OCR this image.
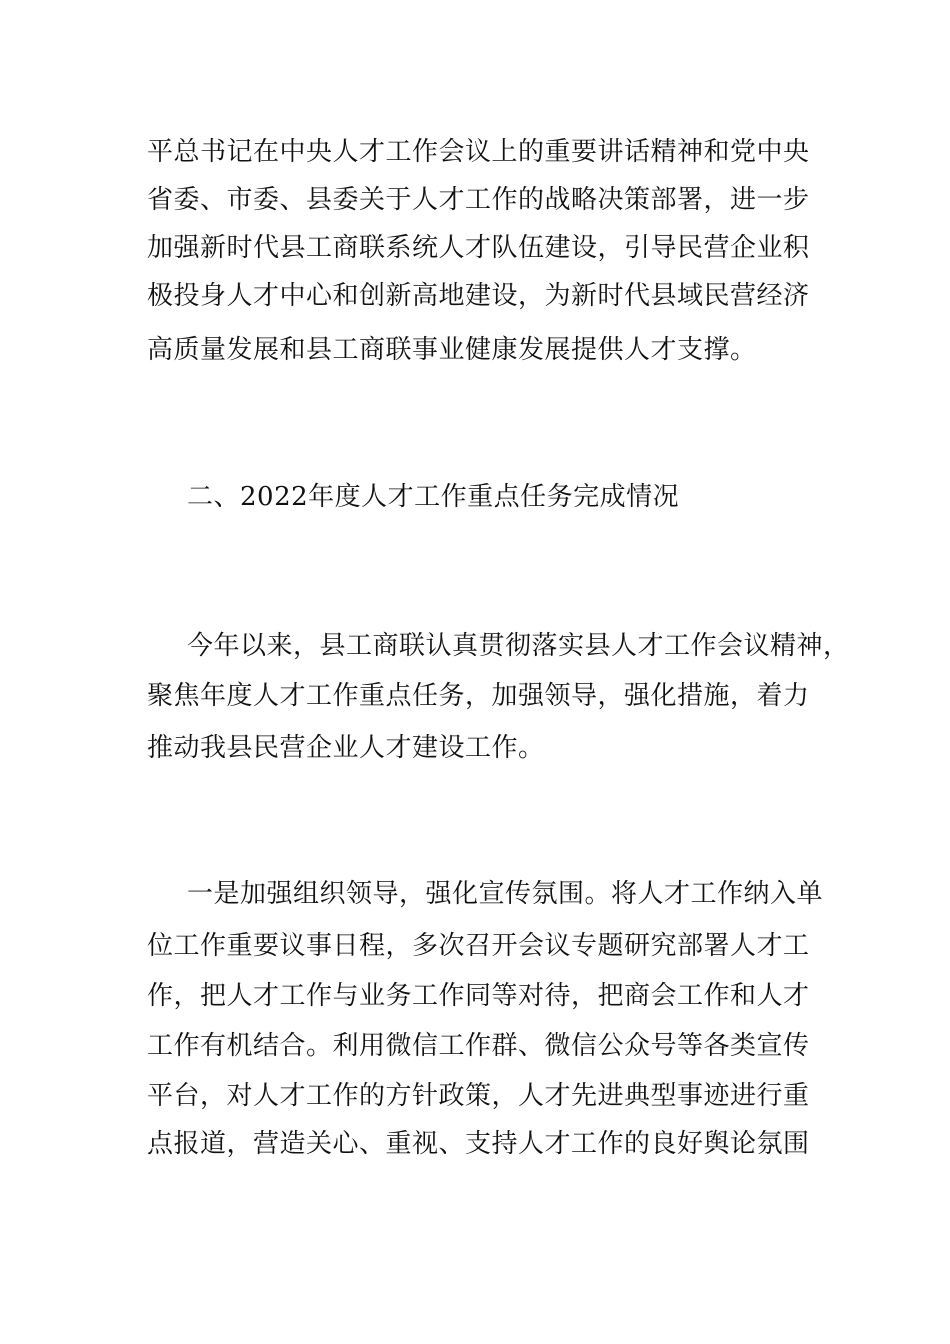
平总书记在中央人才工作会议上的重要讲话精神和党中央
省委、市委、县委关于人才工作的战略决策部署，进一步
加强新时代县工商联系统人才队伍建设，引导民营企业积
极投身人才中心和创新高地建设，为新时代县域民营经济
高质量发展和县工商联事业健康发展提供人才支撑。
二、2022年度人才工作重点任务完成情况
今年以来，县工商联认真贯彻落实县人才工作会议精神，
聚焦年度人才工作重点任务，加强领导，强化措施，着力
推动我县民营企业人才建设工作。
一是加强组织领导，强化宣传氛围。将人才工作纳入单
位工作重要议事日程，多次召开会议专题研究部署人才工
作，把人才工作与业务工作同等对待，把商会工作和人才
工作有机结合。利用微信工作群、微信公众号等各类宣传
平台，对人才工作的方针政策，人才先进典型事迹进行重
点报道，营造关心、重视、支持人才工作的良好舆论氛围
